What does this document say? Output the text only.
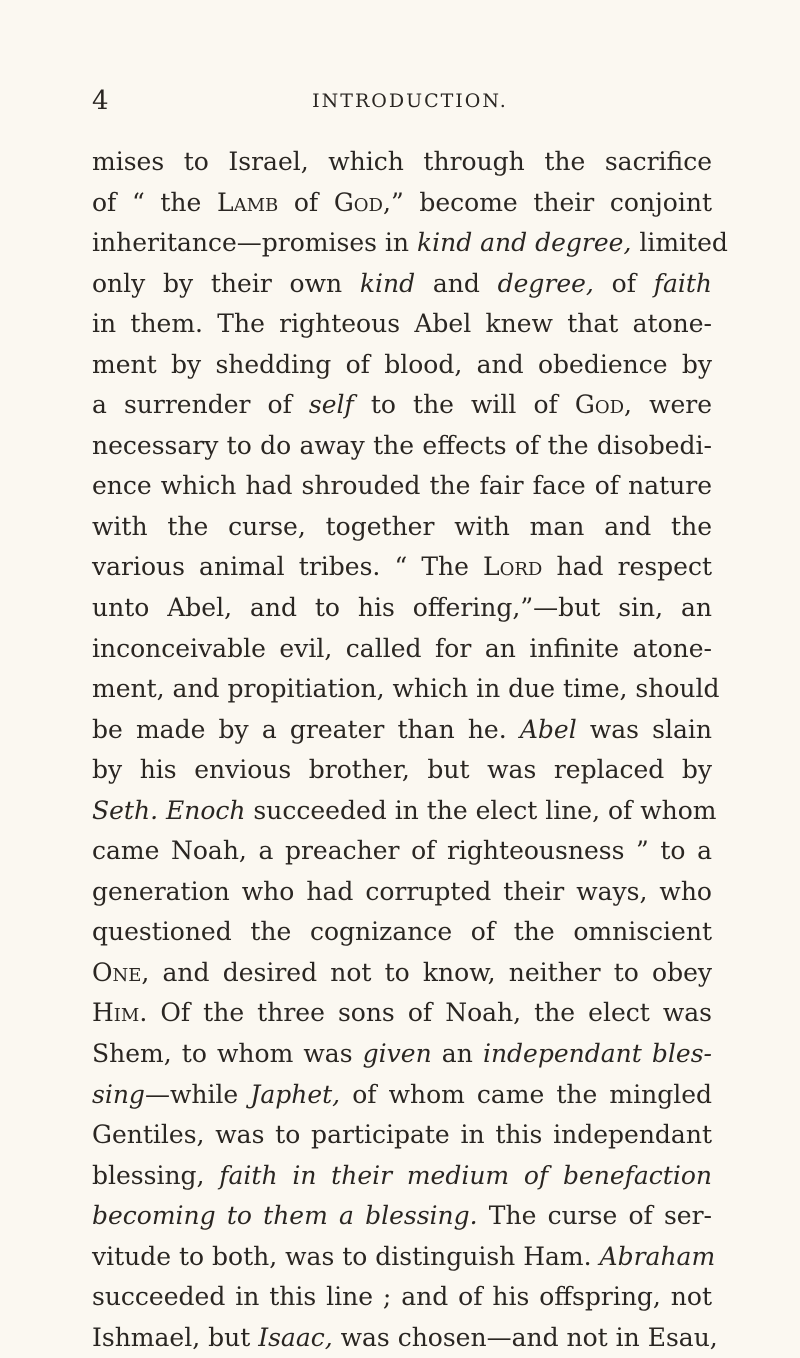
4	INTRODUCTION.
mises to Israel, which through the sacrifice
of “ the Lamb of God,” become their conjoint
inheritance—promises in kind and degree, limited
only by their own kind and degree, of faith
in them. The righteous Abel knew that atone-
ment by shedding of blood, and obedience by
a surrender of self to the will of God, were
necessary to do away the effects of the disobedi-
ence which had shrouded the fair face of nature
with the curse, together with man and the
various animal tribes. “ The Lord had respect
unto Abel, and to his offering,”—but sin, an
inconceivable evil, called for an infinite atone-
ment, and propitiation, which in due time, should
be made by a greater than he. Abel was slain
by his envious brother, but was replaced by
Seth. Enoch succeeded in the elect line, of whom
came Noah, a preacher of righteousness ” to a
generation who had corrupted their ways, who
questioned the cognizance of the omniscient
One, and desired not to know, neither to obey
Him. Of the three sons of Noah, the elect was
Shem, to whom was given an independant bles-
sing—while Japhet, of whom came the mingled
Gentiles, was to participate in this independant
blessing, faith in their medium of benefaction
becoming to them a blessing. The curse of ser-
vitude to both, was to distinguish Ham. Abraham
succeeded in this line ; and of his offspring, not
Ishmael, but Isaac, was chosen—and not in Esau,
